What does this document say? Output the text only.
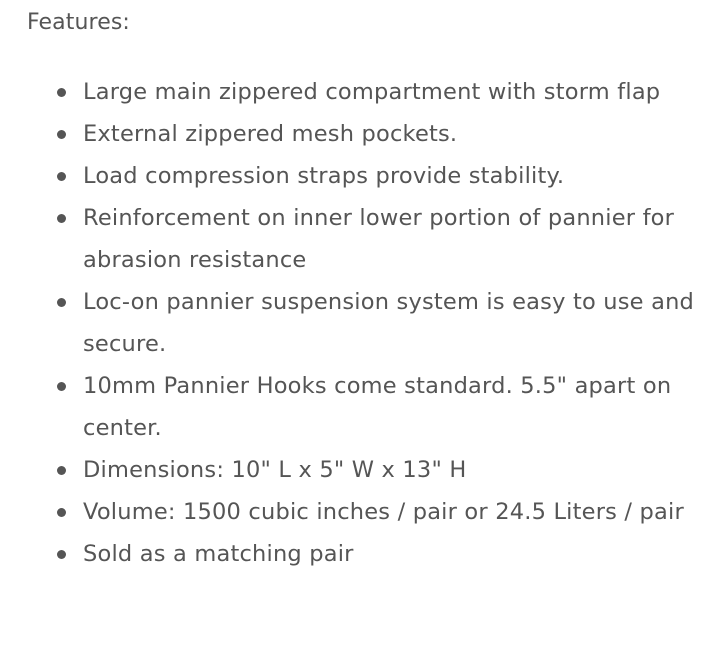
Features:
Large main zippered compartment with storm flap
External zippered mesh pockets.
Load compression straps provide stability.
Reinforcement on inner lower portion of pannier for abrasion resistance
Loc-on pannier suspension system is easy to use and secure.
10mm Pannier Hooks come standard. 5.5" apart on center.
Dimensions: 10" L x 5" W x 13" H
Volume: 1500 cubic inches / pair or 24.5 Liters / pair
Sold as a matching pair
